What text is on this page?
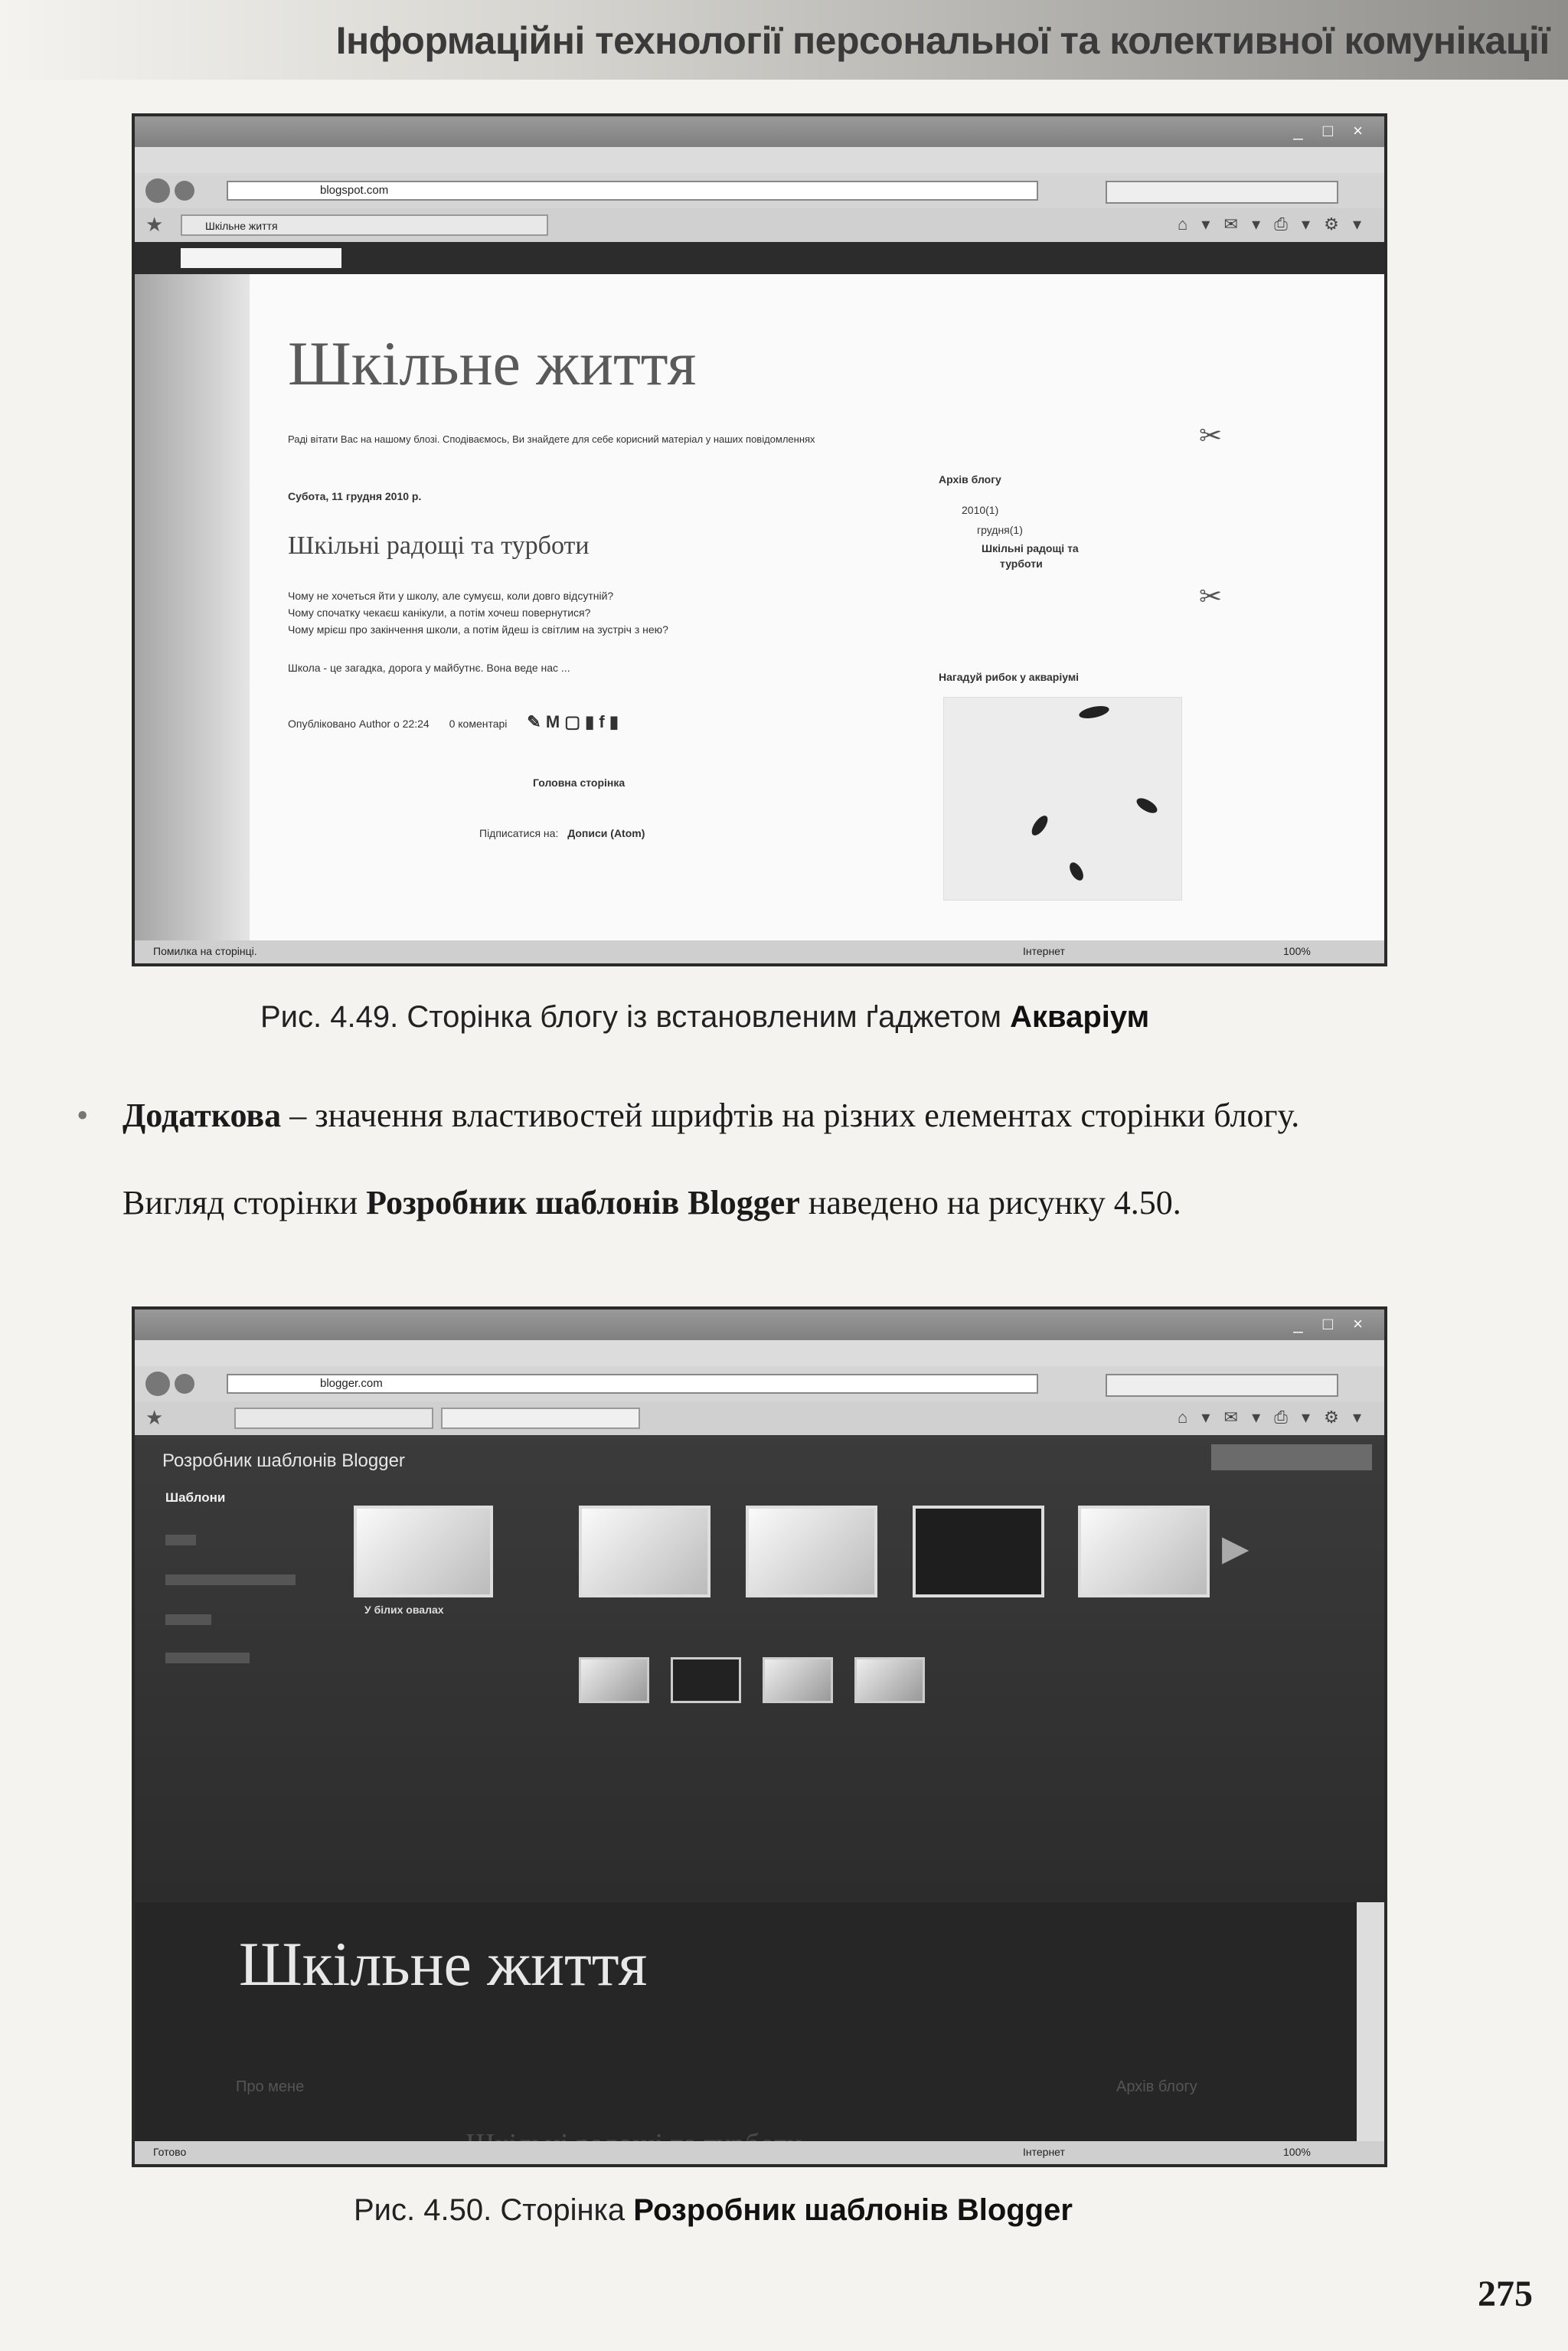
Інформаційні технології персональної та колективної комунікації
_ □ ×
blogspot.com
★	Шкільне життя	⌂ ▾ ✉ ▾ ⎙ ▾ ⚙ ▾
Шкільне життя
Раді вітати Вас на нашому блозі. Сподіваємось, Ви знайдете для себе корисний матеріал у наших повідомленнях	✂
Субота, 11 грудня 2010 р.
Шкільні радощі та турботи
Чому не хочеться йти у школу, але сумуєш, коли довго відсутній?
Чому спочатку чекаєш канікули, а потім хочеш повернутися?
Чому мрієш про закінчення школи, а потім йдеш із світлим на зустріч з нею?
Школа - це загадка, дорога у майбутнє. Вона веде нас ...
Опубліковано Author о 22:24 0 коментарі ✎ M ▢ ▮ f ▮
Головна сторінка
Підписатися на: Дописи (Atom)
Архів блогу
2010(1)
грудня(1)
Шкільні радощі та
турботи
✂
Нагадуй рибок у акваріумі
Помилка на сторінці.	Інтернет	100%
Рис. 4.49. Сторінка блогу із встановленим ґаджетом Акваріум
• Додаткова – значення властивостей шрифтів на різних елементах сторінки блогу.
Вигляд сторінки Розробник шаблонів Blogger наведено на рисунку 4.50.
_ □ ×
blogger.com
★	⌂ ▾ ✉ ▾ ⎙ ▾ ⚙ ▾
Розробник шаблонів Blogger
Шаблони
У білих овалах
▶
Шкільне життя
Про мене	Архів блогу
Готово	Інтернет	100%
Рис. 4.50. Сторінка Розробник шаблонів Blogger
275
